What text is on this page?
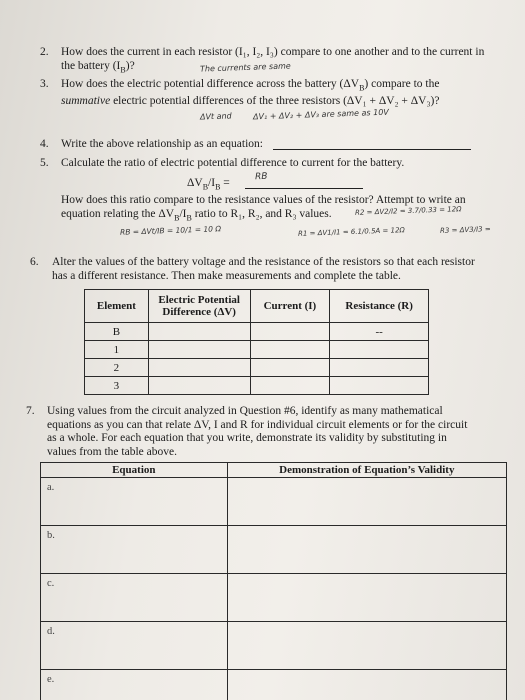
2. How does the current in each resistor (I₁, I₂, I₃) compare to one another and to the current in
the battery $(I_B)$?	The currents are same
3. How does the electric potential difference across the battery $(\Delta V_B)$ compare to the
summative electric potential differences of the three resistors (ΔV₁ + ΔV₂ + ΔV₃)?
ΔVt and	ΔV₁ + ΔV₂ + ΔV₃ are same as 10V
4. Write the above relationship as an equation:
5. Calculate the ratio of electric potential difference to current for the battery.
$\Delta V_B/I_B$ =	RB
How does this ratio compare to the resistance values of the resistor? Attempt to write an
equation relating the $\Delta V_B/I_B$ ratio to R₁, R₂, and R₃ values.	R2 = ΔV2/I2 = 3.7/0.33 = 12Ω
RB = ΔVt/IB = 10/1 = 10 Ω	R1 = ΔV1/I1 = 6.1/0.5A = 12Ω	R3 = ΔV3/I3 =
6. Alter the values of the battery voltage and the resistance of the resistors so that each resistor
has a different resistance. Then make measurements and complete the table.
Element	Electric Potential Difference (ΔV)	Current (I)	Resistance (R)
B			--
1			
2			
3			
7. Using values from the circuit analyzed in Question #6, identify as many mathematical
equations as you can that relate ΔV, I and R for individual circuit elements or for the circuit
as a whole. For each equation that you write, demonstrate its validity by substituting in
values from the table above.
Equation	Demonstration of Equation’s Validity
a.	
b.	
c.	
d.	
e.	
